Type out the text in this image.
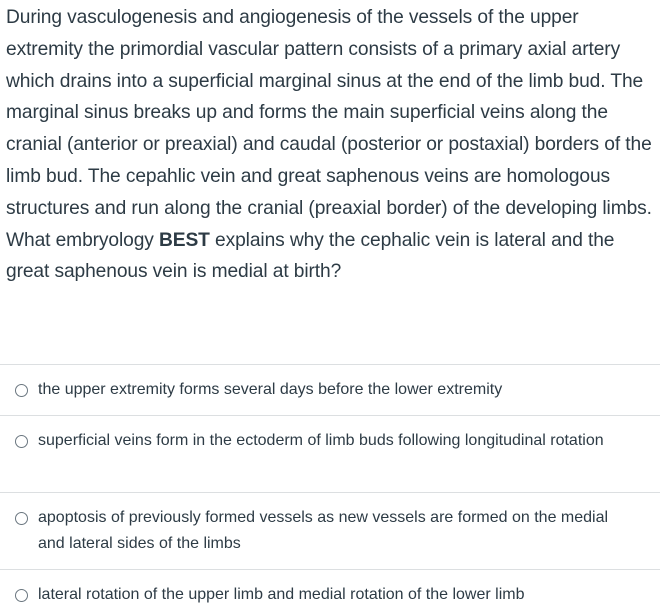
During vasculogenesis and angiogenesis of the vessels of the upper extremity the primordial vascular pattern consists of a primary axial artery which drains into a superficial marginal sinus at the end of the limb bud. The marginal sinus breaks up and forms the main superficial veins along the cranial (anterior or preaxial) and caudal (posterior or postaxial) borders of the limb bud. The cepahlic vein and great saphenous veins are homologous structures and run along the cranial (preaxial border) of the developing limbs. What embryology BEST explains why the cephalic vein is lateral and the great saphenous vein is medial at birth?

the upper extremity forms several days before the lower extremity
superficial veins form in the ectoderm of limb buds following longitudinal rotation
apoptosis of previously formed vessels as new vessels are formed on the medial and lateral sides of the limbs
lateral rotation of the upper limb and medial rotation of the lower limb
